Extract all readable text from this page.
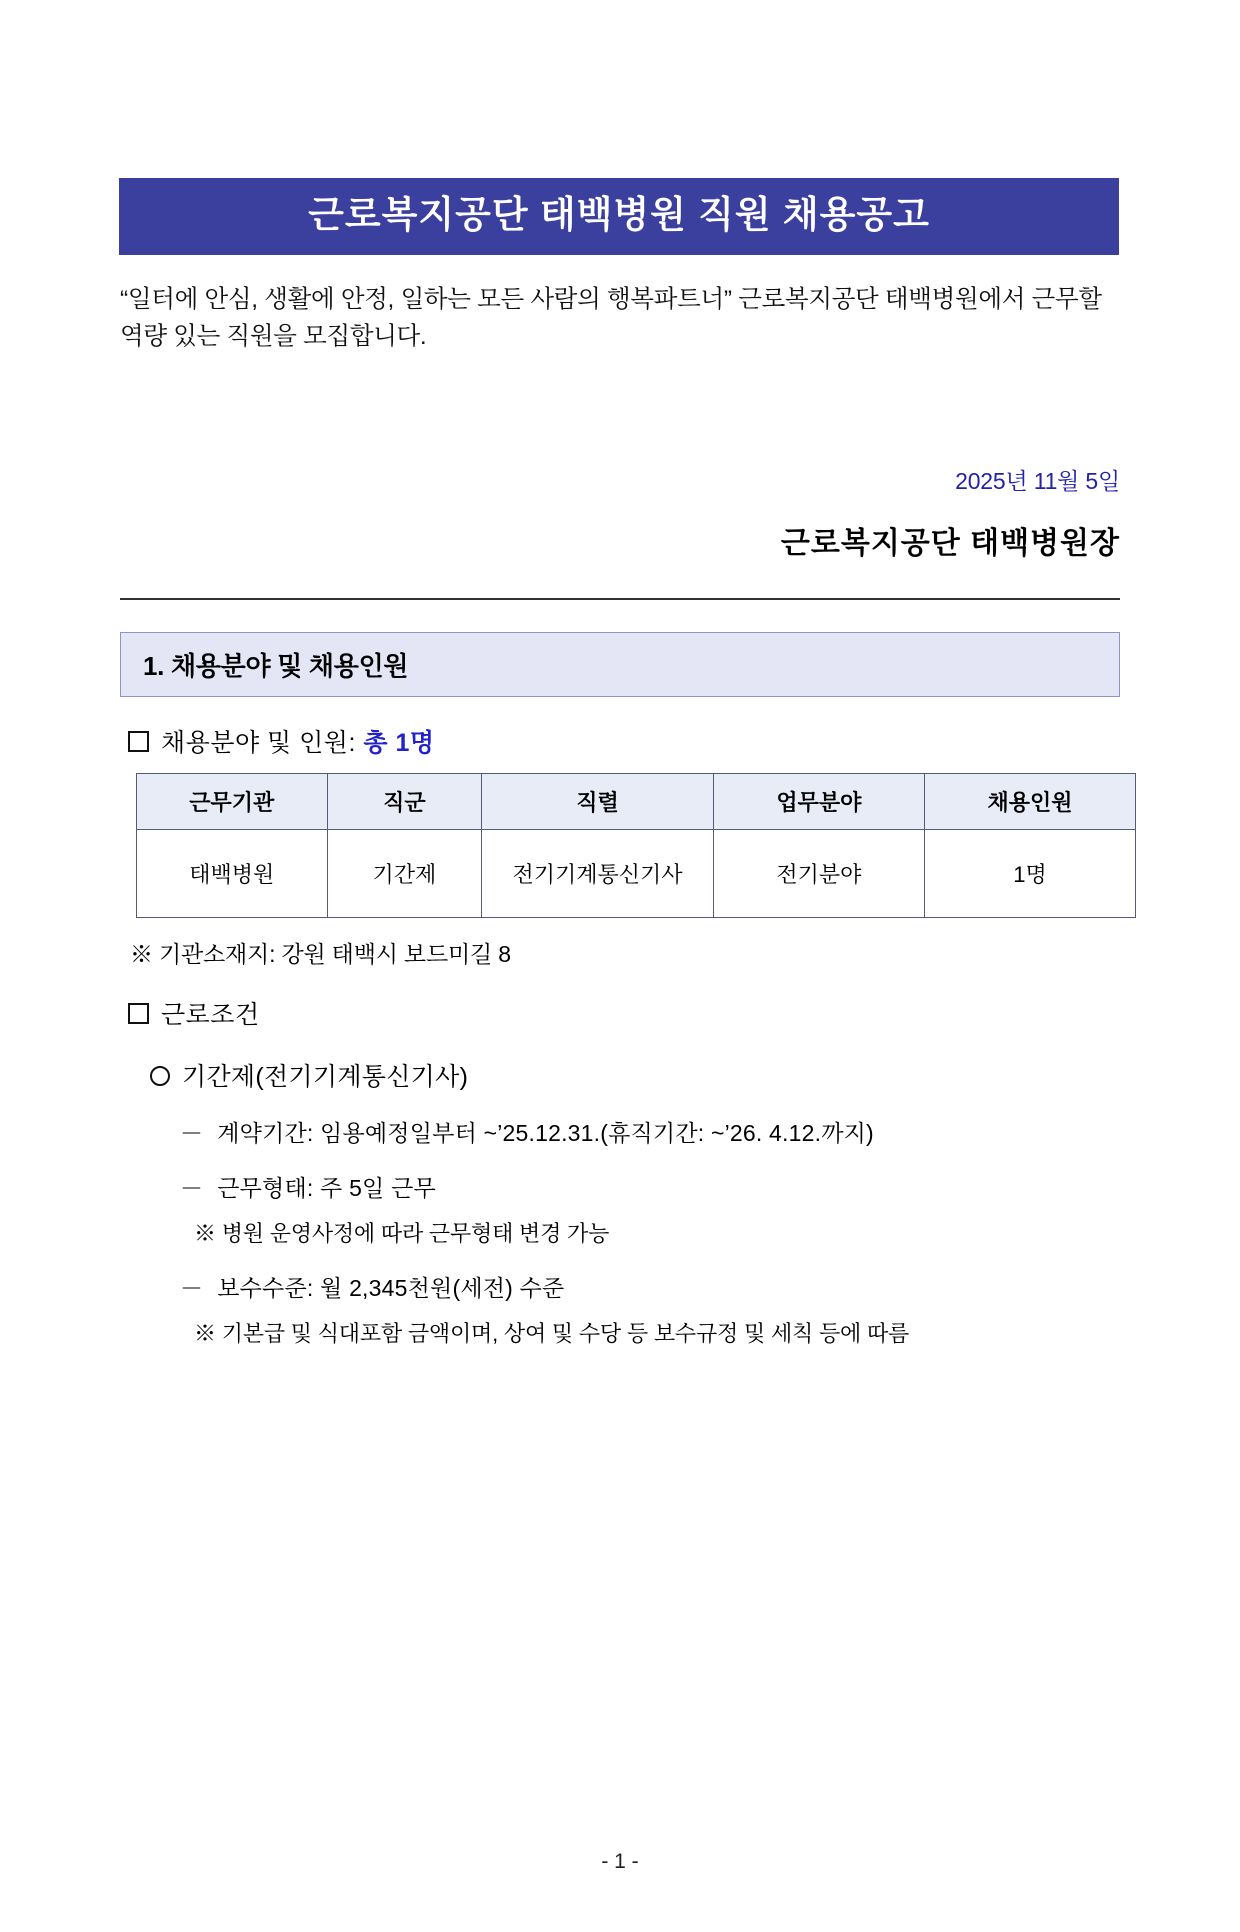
근로복지공단 태백병원 직원 채용공고

“일터에 안심, 생활에 안정, 일하는 모든 사람의 행복파트너” 근로복지공단 태백병원에서 근무할 역량 있는 직원을 모집합니다.

2025년 11월 5일
근로복지공단 태백병원장
1. 채용분야 및 채용인원
채용분야 및 인원: 총 1명
근무기관	직군	직렬	업무분야	채용인원
태백병원	기간제	전기기계통신기사	전기분야	1명
※ 기관소재지: 강원 태백시 보드미길 8
근로조건
기간제(전기기계통신기사)
－ 계약기간: 임용예정일부터 ~’25.12.31.(휴직기간: ~’26. 4.12.까지)
－ 근무형태: 주 5일 근무
※ 병원 운영사정에 따라 근무형태 변경 가능
－ 보수수준: 월 2,345천원(세전) 수준
※ 기본급 및 식대포함 금액이며, 상여 및 수당 등 보수규정 및 세칙 등에 따름
- 1 -
